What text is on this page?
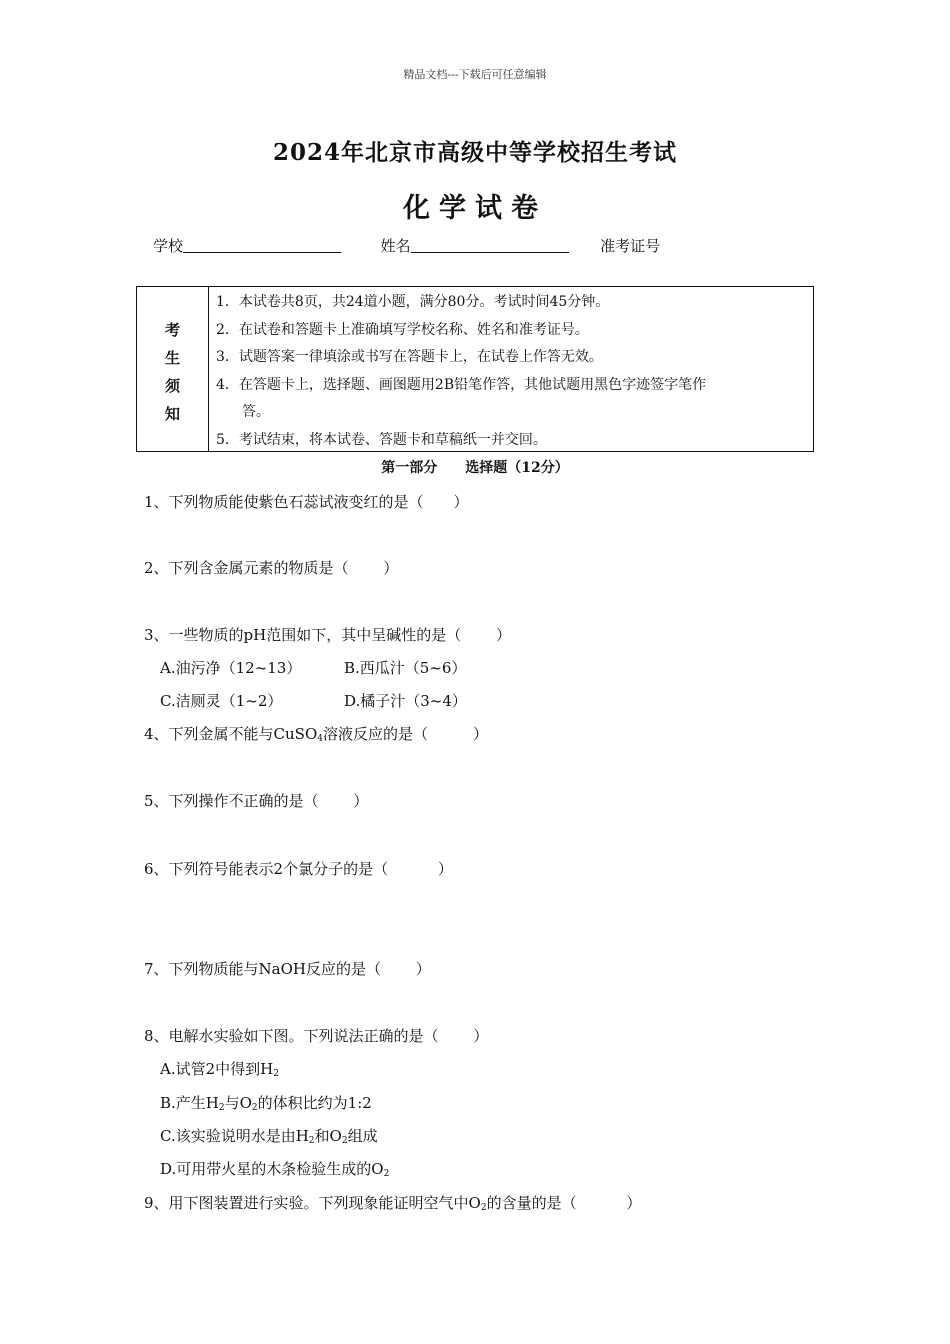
精品文档---下载后可任意编辑
2024年北京市高级中等学校招生考试
化学试卷
学校	姓名	准考证号
考
生
须
知
1．本试卷共8页，共24道小题，满分80分。考试时间45分钟。
2．在试卷和答题卡上准确填写学校名称、姓名和准考证号。
3．试题答案一律填涂或书写在答题卡上，在试卷上作答无效。
4．在答题卡上，选择题、画图题用2B铅笔作答，其他试题用黑色字迹签字笔作
答。
5．考试结束，将本试卷、答题卡和草稿纸一并交回。
第一部分　　选择题（12分）
1、下列物质能使紫色石蕊试液变红的是（　　）
2、下列含金属元素的物质是（　　 ）
3、一些物质的pH范围如下，其中呈碱性的是（　　 ）
A.油污净（12~13）	B.西瓜汁（5~6）
C.洁厕灵（1~2）	D.橘子汁（3~4）
4、下列金属不能与CuSO$_4$溶液反应的是（　　　）
5、下列操作不正确的是（　　 ）
6、下列符号能表示2个氯分子的是（　　　 ）
7、下列物质能与NaOH反应的是（　　 ）
8、电解水实验如下图。下列说法正确的是（　　 ）
A.试管2中得到$H_2$
B.产生$H_2$与$O_2$的体积比约为1:2
C.该实验说明水是由$H_2$和$O_2$组成
D.可用带火星的木条检验生成的$O_2$
9、用下图装置进行实验。下列现象能证明空气中$O_2$的含量的是（　　　 ）
